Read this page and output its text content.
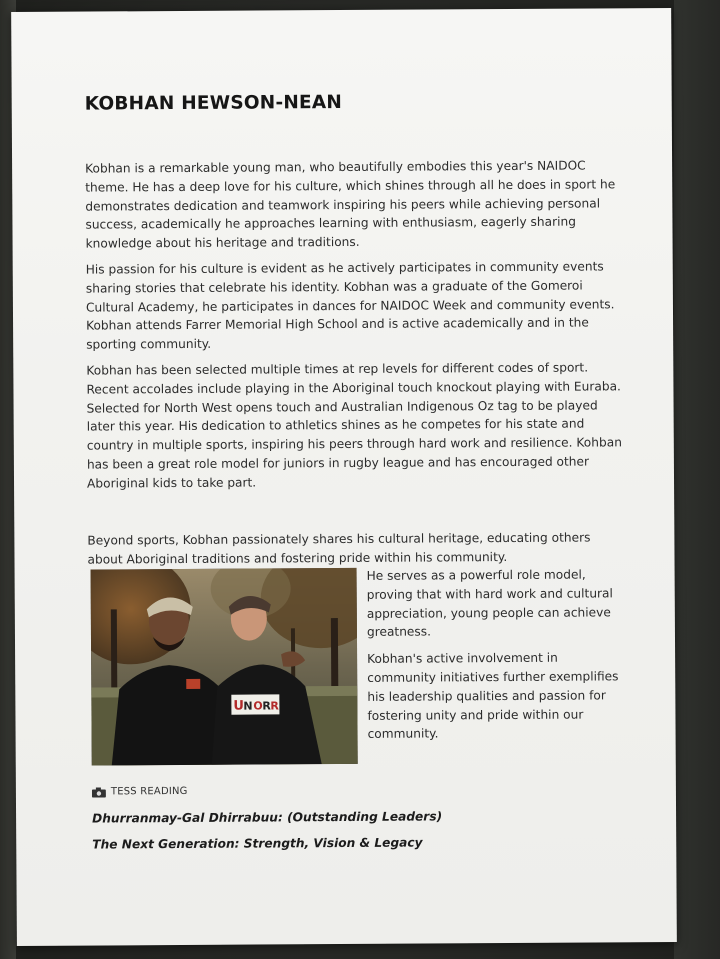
KOBHAN HEWSON-NEAN

Kobhan is a remarkable young man, who beautifully embodies this year's NAIDOC theme. He has a deep love for his culture, which shines through all he does in sport he demonstrates dedication and teamwork inspiring his peers while achieving personal success, academically he approaches learning with enthusiasm, eagerly sharing knowledge about his heritage and traditions.

His passion for his culture is evident as he actively participates in community events sharing stories that celebrate his identity. Kobhan was a graduate of the Gomeroi Cultural Academy, he participates in dances for NAIDOC Week and community events. Kobhan attends Farrer Memorial High School and is active academically and in the sporting community.

Kobhan has been selected multiple times at rep levels for different codes of sport. Recent accolades include playing in the Aboriginal touch knockout playing with Euraba. Selected for North West opens touch and Australian Indigenous Oz tag to be played later this year. His dedication to athletics shines as he competes for his state and country in multiple sports, inspiring his peers through hard work and resilience. Kohban has been a great role model for juniors in rugby league and has encouraged other Aboriginal kids to take part.

Beyond sports, Kobhan passionately shares his cultural heritage, educating others about Aboriginal traditions and fostering pride within his community.

U N O R R

He serves as a powerful role model, proving that with hard work and cultural appreciation, young people can achieve greatness.

Kobhan's active involvement in community initiatives further exemplifies his leadership qualities and passion for fostering unity and pride within our community.

TESS READING
Dhurranmay-Gal Dhirrabuu: (Outstanding Leaders)
The Next Generation: Strength, Vision & Legacy
